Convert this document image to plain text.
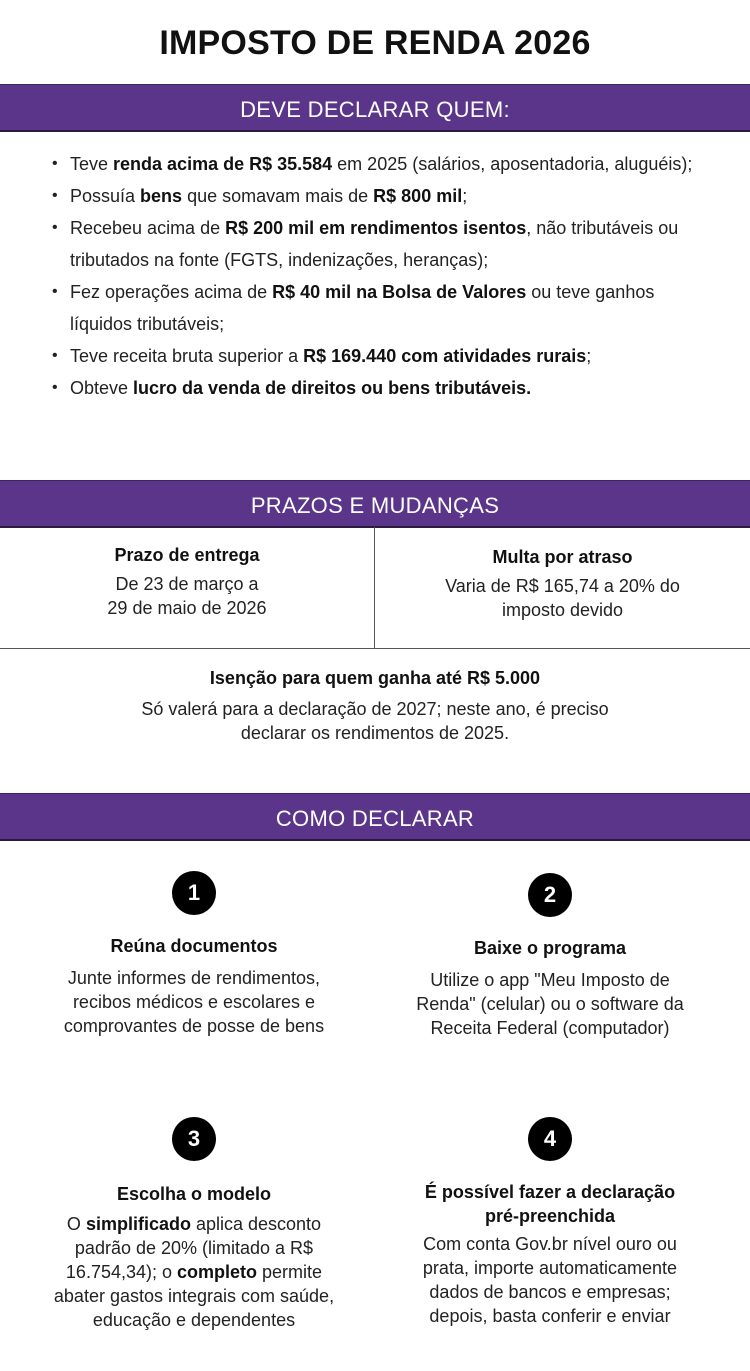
IMPOSTO DE RENDA 2026
DEVE DECLARAR QUEM:
• Teve renda acima de R$ 35.584 em 2025 (salários, aposentadoria, aluguéis);
• Possuía bens que somavam mais de R$ 800 mil;
• Recebeu acima de R$ 200 mil em rendimentos isentos, não tributáveis ou tributados na fonte (FGTS, indenizações, heranças);
• Fez operações acima de R$ 40 mil na Bolsa de Valores ou teve ganhos líquidos tributáveis;
• Teve receita bruta superior a R$ 169.440 com atividades rurais;
• Obteve lucro da venda de direitos ou bens tributáveis.
PRAZOS E MUDANÇAS
Prazo de entrega

De 23 de março a

29 de maio de 2026

Multa por atraso

Varia de R$ 165,74 a 20% do

imposto devido

Isenção para quem ganha até R$ 5.000

Só valerá para a declaração de 2027; neste ano, é preciso

declarar os rendimentos de 2025.

COMO DECLARAR
1
Reúna documentos

Junte informes de rendimentos,

recibos médicos e escolares e

comprovantes de posse de bens

2
Baixe o programa

Utilize o app "Meu Imposto de

Renda" (celular) ou o software da

Receita Federal (computador)

3
Escolha o modelo

O simplificado aplica desconto

padrão de 20% (limitado a R$

16.754,34); o completo permite

abater gastos integrais com saúde,

educação e dependentes

4
É possível fazer a declaração
pré-preenchida

Com conta Gov.br nível ouro ou

prata, importe automaticamente

dados de bancos e empresas;

depois, basta conferir e enviar
